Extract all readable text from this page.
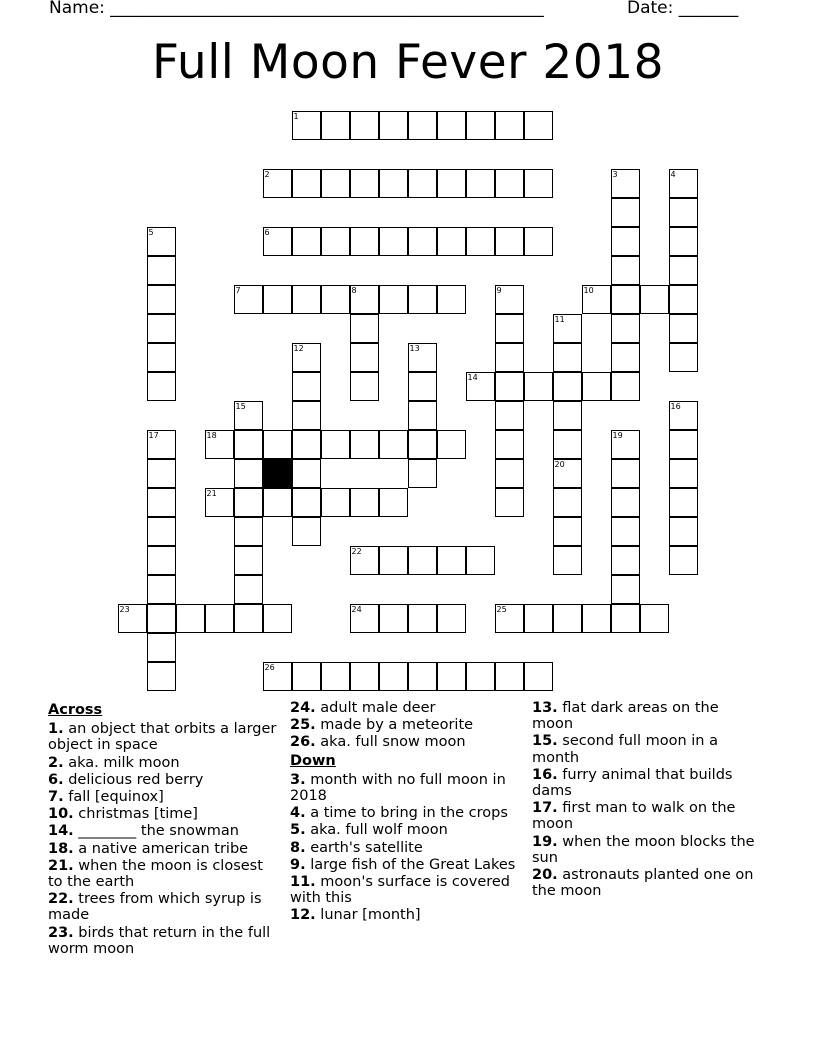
Name: ___________________________________________________	Date: _______
Full Moon Fever 2018
1
2
6
7	8	10
14
18
21
22
23	24	25
26
3	4
5
9
11
12	13
15	16
17	19
20
Across
1. an object that orbits a larger object in space
2. aka. milk moon
6. delicious red berry
7. fall [equinox]
10. christmas [time]
14. ________ the snowman
18. a native american tribe
21. when the moon is closest to the earth
22. trees from which syrup is made
23. birds that return in the full worm moon
24. adult male deer
25. made by a meteorite
26. aka. full snow moon
Down
3. month with no full moon in 2018
4. a time to bring in the crops
5. aka. full wolf moon
8. earth's satellite
9. large fish of the Great Lakes
11. moon's surface is covered with this
12. lunar [month]
13. flat dark areas on the moon
15. second full moon in a month
16. furry animal that builds dams
17. first man to walk on the moon
19. when the moon blocks the sun
20. astronauts planted one on the moon
